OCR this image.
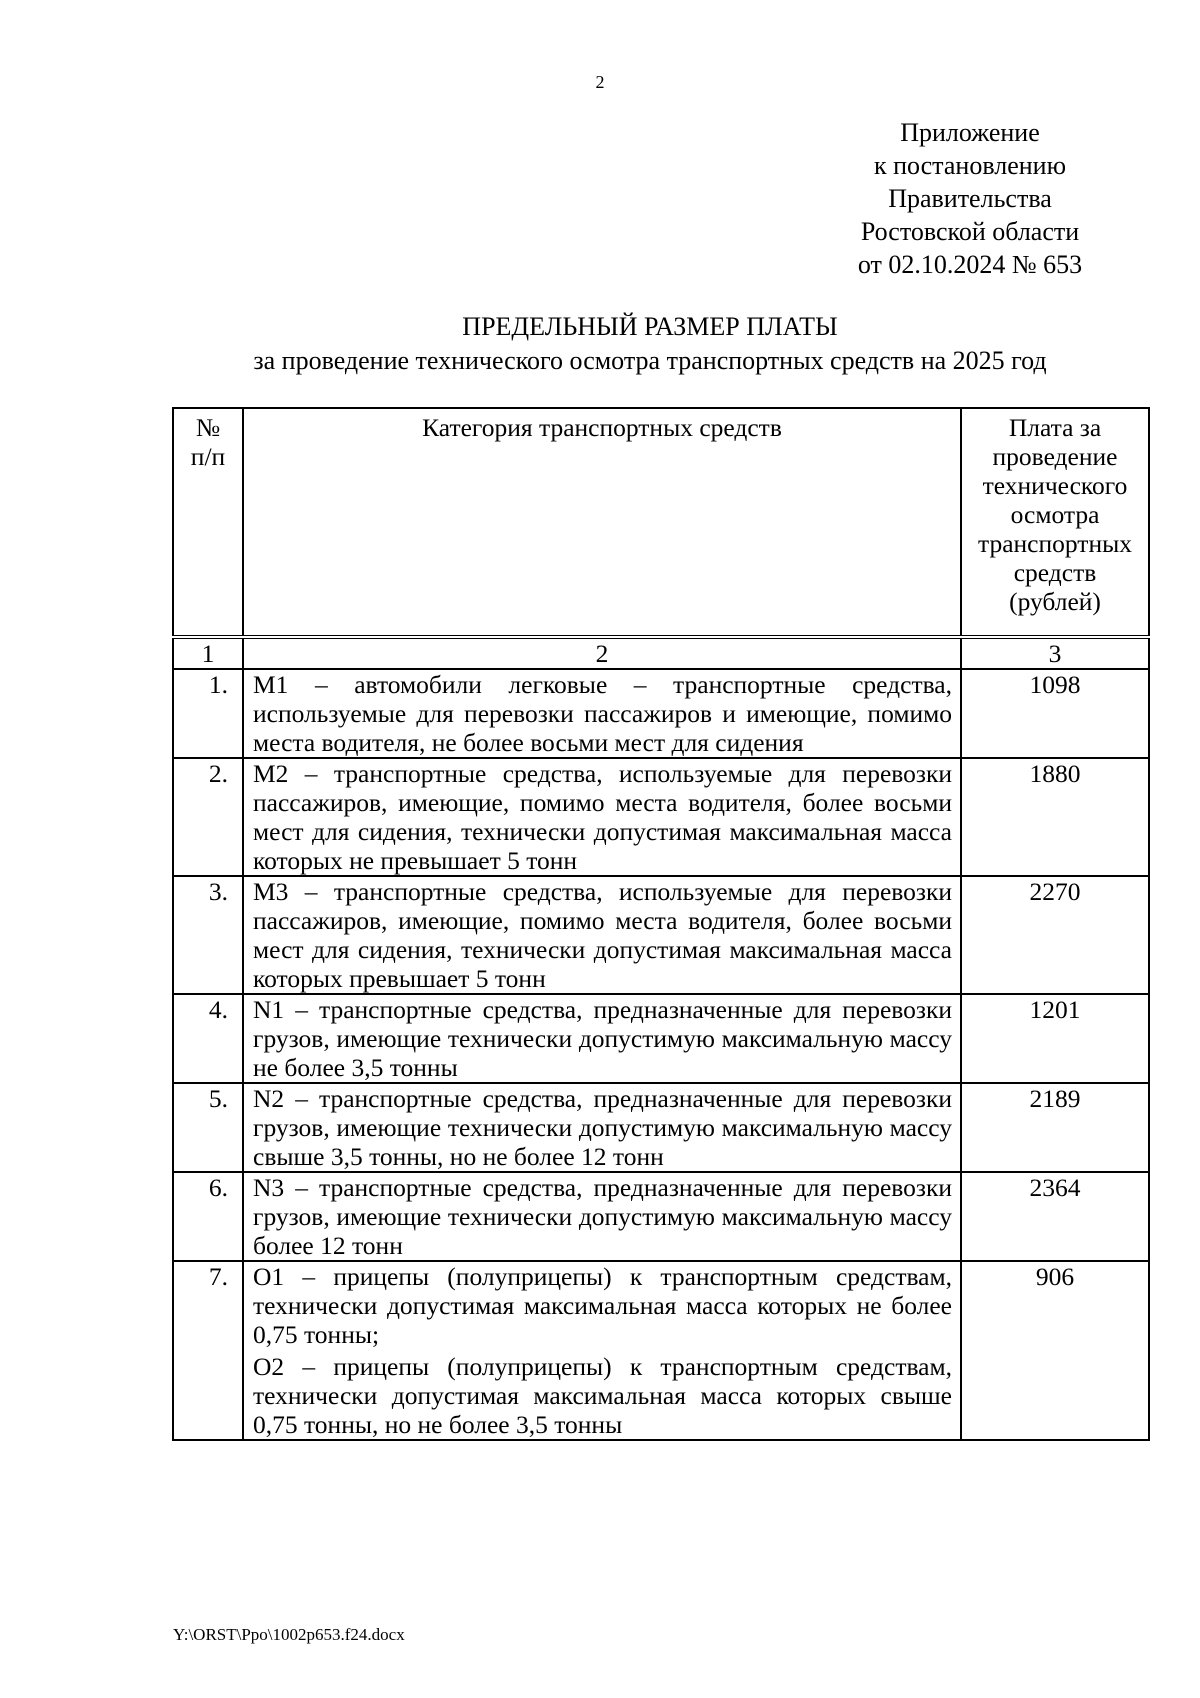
2
Приложение
к постановлению
Правительства
Ростовской области
от 02.10.2024 № 653
ПРЕДЕЛЬНЫЙ РАЗМЕР ПЛАТЫ
за проведение технического осмотра транспортных средств на 2025 год
№ п/п	Категория транспортных средств	Плата за проведение технического осмотра транспортных средств (рублей)
1	2	3
1.	M1 – автомобили легковые – транспортные средства, используемые для перевозки пассажиров и имеющие, помимо места водителя, не более восьми мест для сидения	1098
2.	M2 – транспортные средства, используемые для перевозки пассажиров, имеющие, помимо места водителя, более восьми мест для сидения, технически допустимая максимальная масса которых не превышает 5 тонн	1880
3.	M3 – транспортные средства, используемые для перевозки пассажиров, имеющие, помимо места водителя, более восьми мест для сидения, технически допустимая максимальная масса которых превышает 5 тонн	2270
4.	N1 – транспортные средства, предназначенные для перевозки грузов, имеющие технически допустимую максимальную массу не более 3,5 тонны	1201
5.	N2 – транспортные средства, предназначенные для перевозки грузов, имеющие технически допустимую максимальную массу свыше 3,5 тонны, но не более 12 тонн	2189
6.	N3 – транспортные средства, предназначенные для перевозки грузов, имеющие технически допустимую максимальную массу более 12 тонн	2364
7.	O1 – прицепы (полуприцепы) к транспортным средствам, технически допустимая максимальная масса которых не более 0,75 тонны;

O2 – прицепы (полуприцепы) к транспортным средствам, технически допустимая максимальная масса которых свыше 0,75 тонны, но не более 3,5 тонны	906
Y:\ORST\Ppo\1002p653.f24.docx
